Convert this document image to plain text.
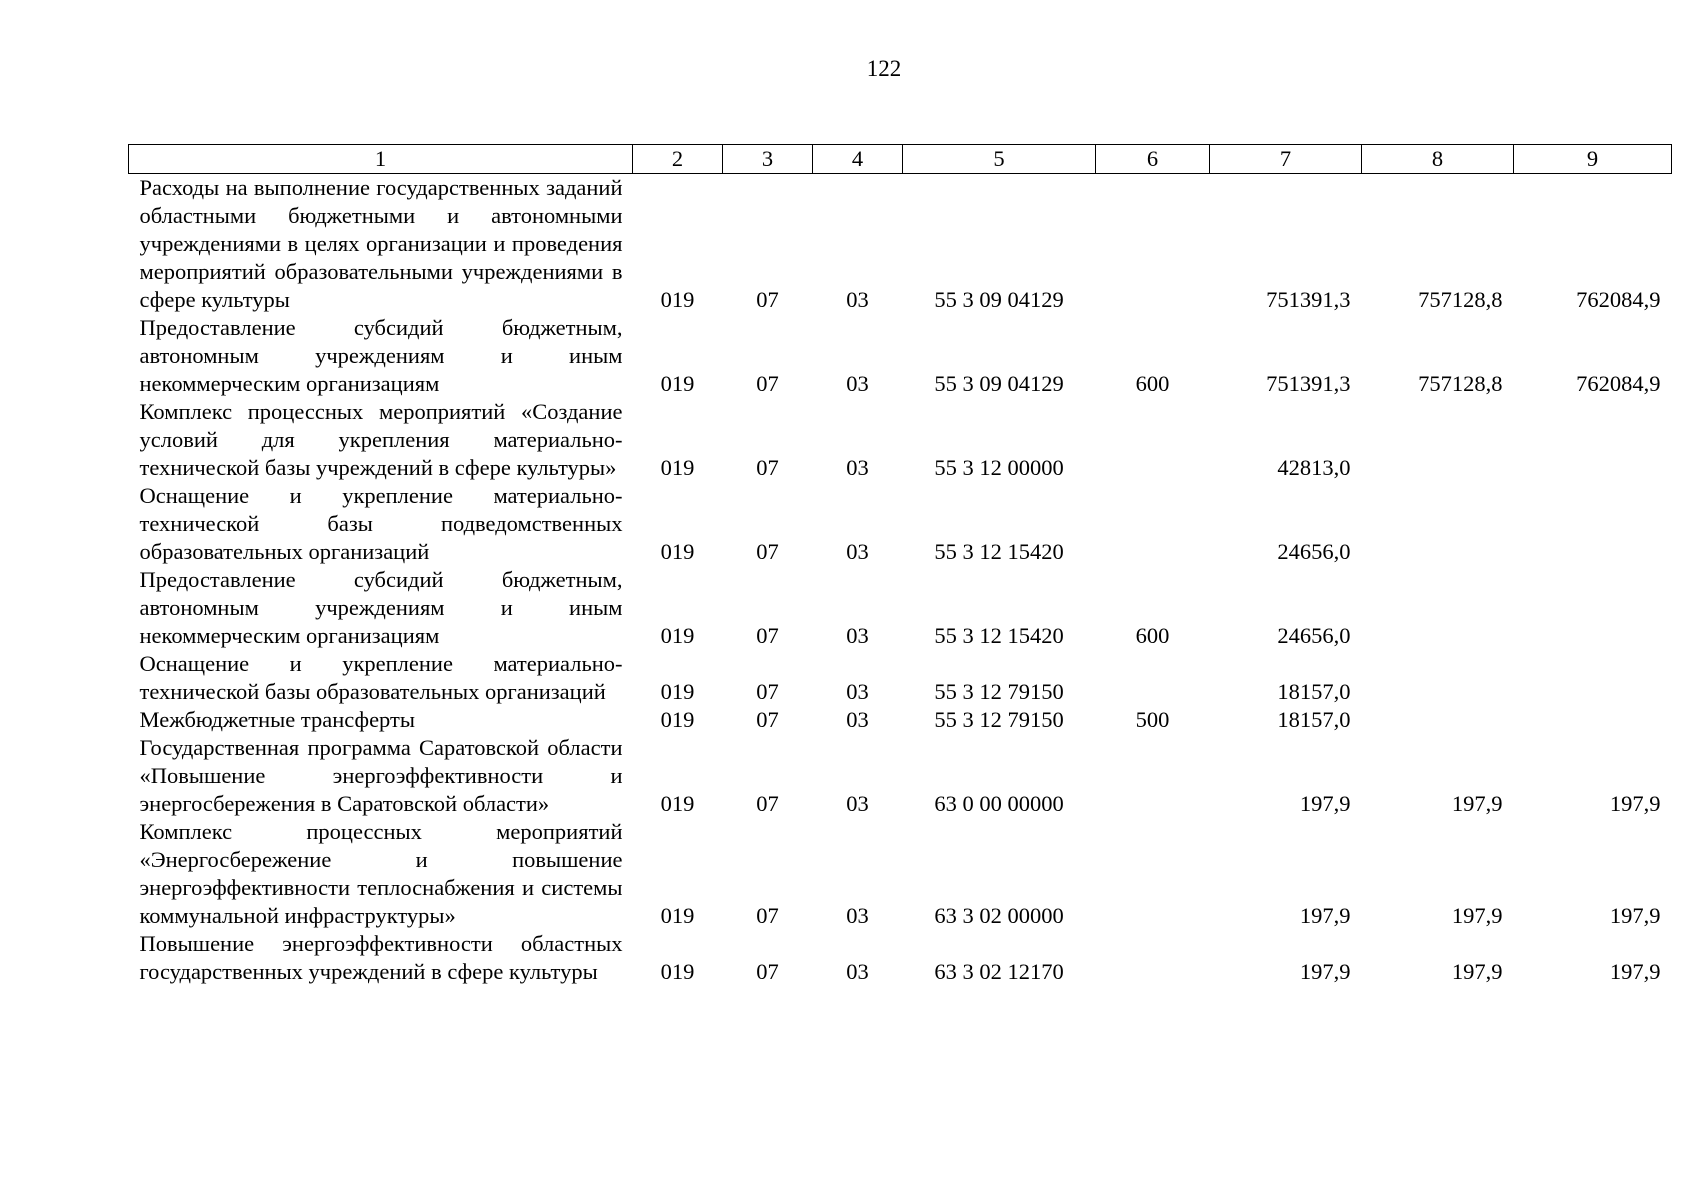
122
1	2	3	4	5	6	7	8	9
Расходы на выполнение государственных заданий областными бюджетными и автономными учреждениями в целях организации и проведения мероприятий образовательными учреждениями в сфере культуры	019	07	03	55 3 09 04129		751391,3	757128,8	762084,9
Предоставление субсидий бюджетным, автономным учреждениям и иным некоммерческим организациям	019	07	03	55 3 09 04129	600	751391,3	757128,8	762084,9
Комплекс процессных мероприятий «Создание условий для укрепления материально-технической базы учреждений в сфере культуры»	019	07	03	55 3 12 00000		42813,0		
Оснащение и укрепление материально-технической базы подведомственных образовательных организаций	019	07	03	55 3 12 15420		24656,0		
Предоставление субсидий бюджетным, автономным учреждениям и иным некоммерческим организациям	019	07	03	55 3 12 15420	600	24656,0		
Оснащение и укрепление материально-технической базы образовательных организаций	019	07	03	55 3 12 79150		18157,0		
Межбюджетные трансферты	019	07	03	55 3 12 79150	500	18157,0		
Государственная программа Саратовской области «Повышение энергоэффективности и энергосбережения в Саратовской области»	019	07	03	63 0 00 00000		197,9	197,9	197,9
Комплекс процессных мероприятий «Энергосбережение и повышение энергоэффективности теплоснабжения и системы коммунальной инфраструктуры»	019	07	03	63 3 02 00000		197,9	197,9	197,9
Повышение энергоэффективности областных государственных учреждений в сфере культуры	019	07	03	63 3 02 12170		197,9	197,9	197,9
